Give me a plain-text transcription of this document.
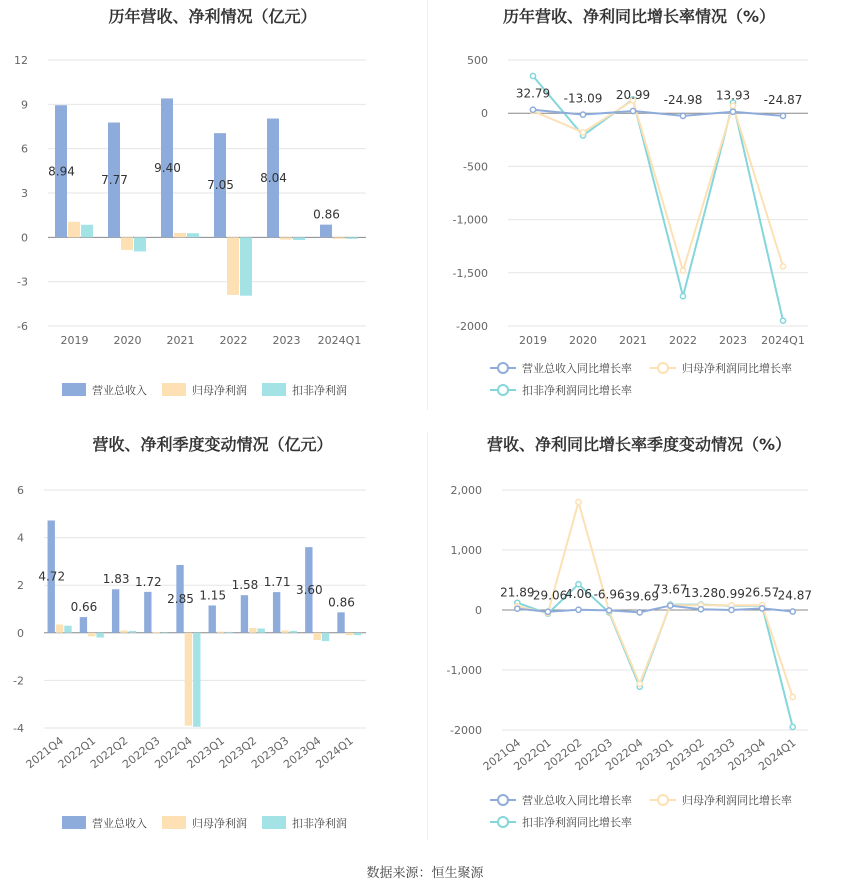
历年营收、净利情况（亿元）
-6
-3
0
3
6
9
12
2019 2020 2021 2022 2023 2024Q1
8.94
7.77
9.40
7.05
8.04
0.86
营业总收入	归母净利润	扣非净利润
历年营收、净利同比增长率情况（%）
-2000
-1,500
-1,000
-500
0
500
2019 2020 2021 2022 2023 2024Q1
32.79 -13.09 20.99 -24.98 13.93 -24.87
营业总收入同比增长率	归母净利润同比增长率
扣非净利润同比增长率
营收、净利季度变动情况（亿元）
-4
-2
0
2
4
6
2021Q4
2022Q1
2022Q2
2022Q3
2022Q4
2023Q1
2023Q2
2023Q3
2023Q4
2024Q1
4.72
0.66
1.83 1.72
2.85 1.15
1.58 1.71
3.60
0.86
营业总收入	归母净利润	扣非净利润
营收、净利同比增长率季度变动情况（%）
-2000
-1,000
0
1,000
2,000
2021Q4
2022Q1
2022Q2
2022Q3
2022Q4
2023Q1
2023Q2
2023Q3
2023Q4
2024Q1
21.89
-29.06
4.06 -6.96
-39.69
73.67
13.28 0.99 26.57
-24.87
营业总收入同比增长率	归母净利润同比增长率
扣非净利润同比增长率
数据来源：恒生聚源
